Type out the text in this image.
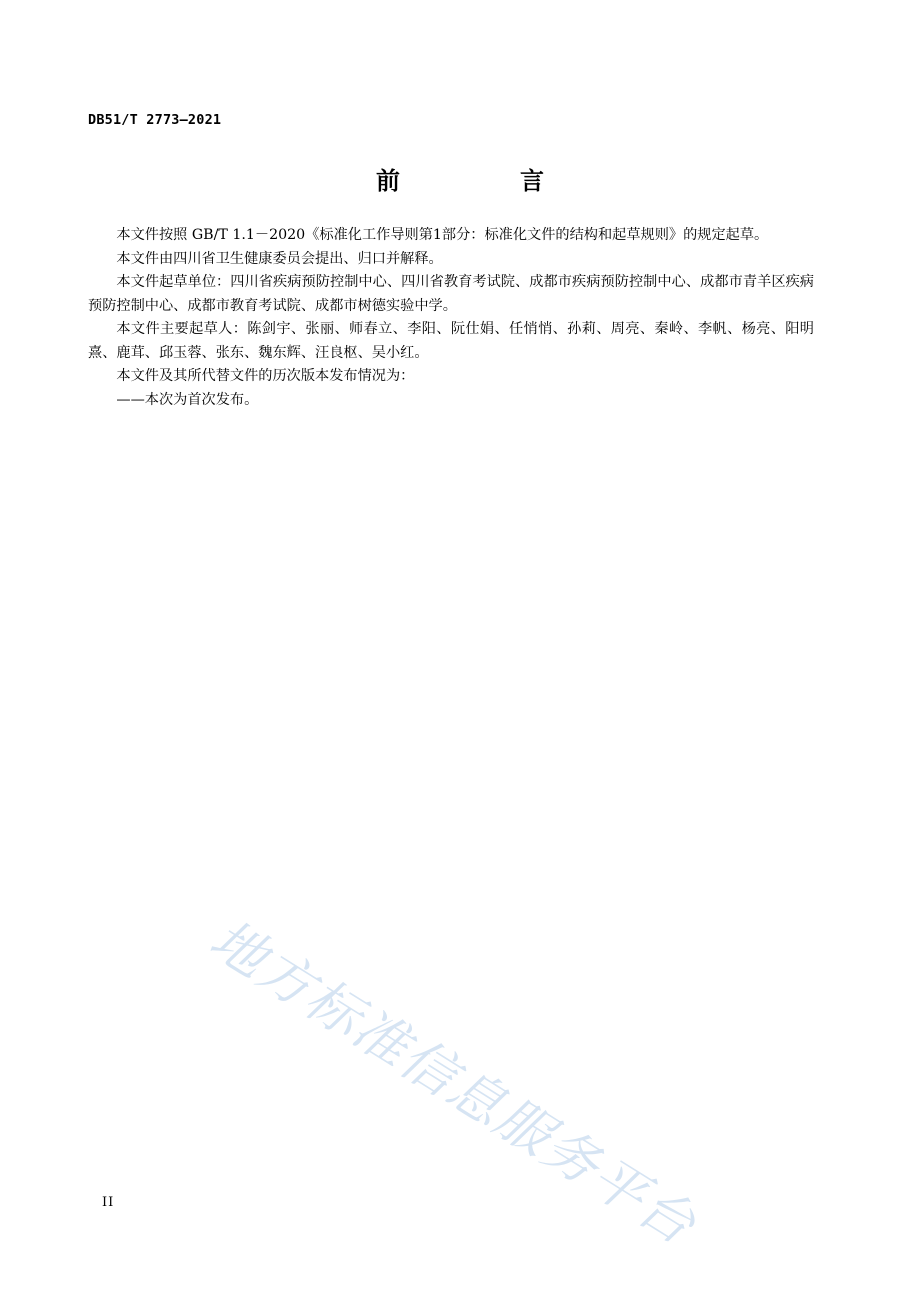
DB51/T 2773—2021
前　言

本文件按照 GB/T 1.1－2020《标准化工作导则第1部分：标准化文件的结构和起草规则》的规定起草。

本文件由四川省卫生健康委员会提出、归口并解释。

本文件起草单位：四川省疾病预防控制中心、四川省教育考试院、成都市疾病预防控制中心、成都市青羊区疾病预防控制中心、成都市教育考试院、成都市树德实验中学。

本文件主要起草人：陈剑宇、张丽、师春立、李阳、阮仕娟、任悄悄、孙莉、周亮、秦岭、李帆、杨亮、阳明熹、鹿茸、邱玉蓉、张东、魏东辉、汪良枢、吴小红。

本文件及其所代替文件的历次版本发布情况为：

——本次为首次发布。

地方标准信息服务平台
II
